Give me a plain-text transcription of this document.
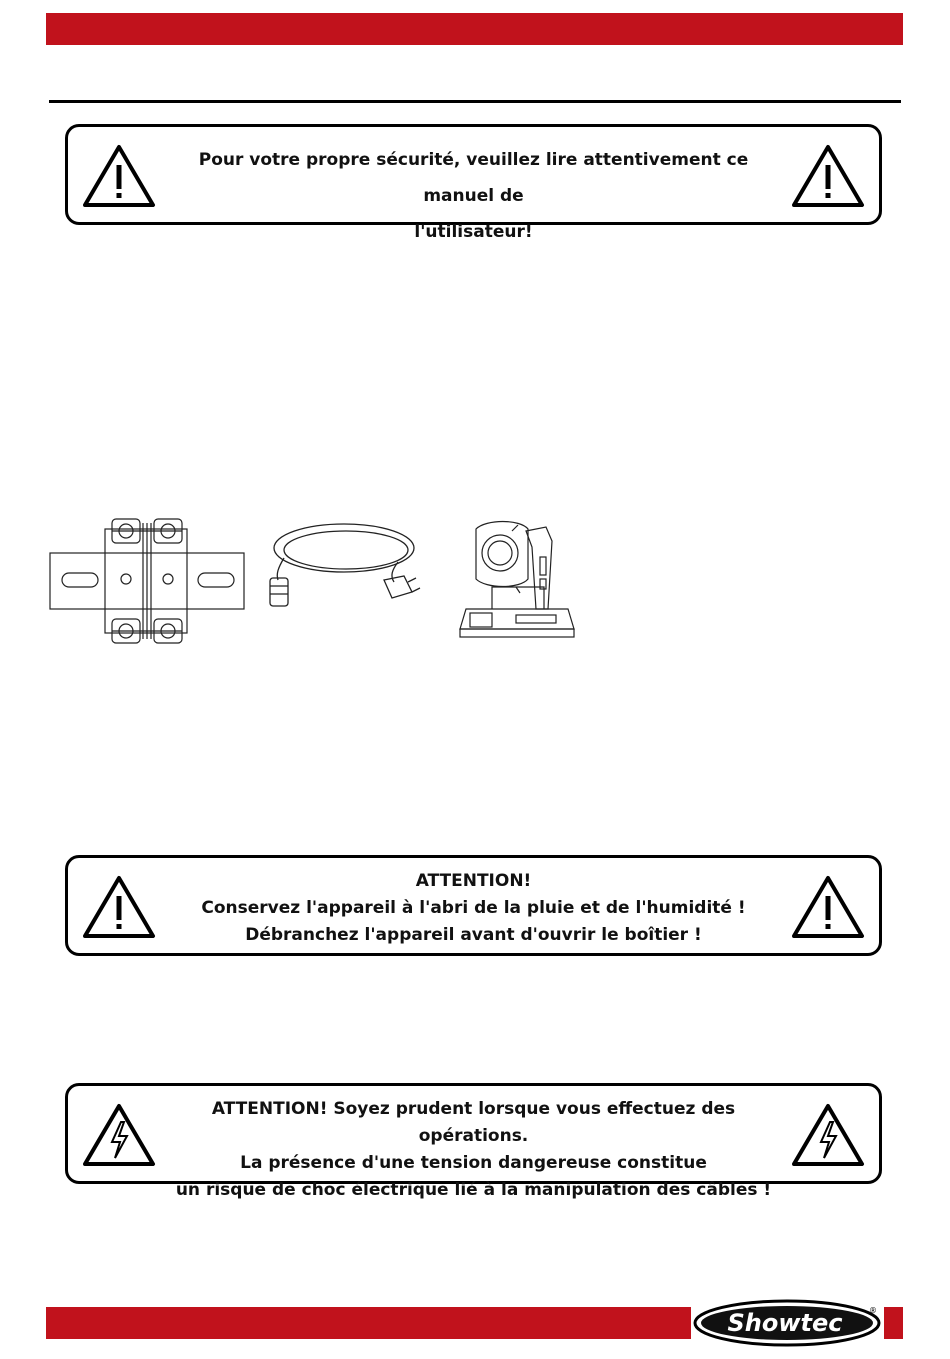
Pour votre propre sécurité, veuillez lire attentivement ce manuel de
l'utilisateur!
ATTENTION!
Conservez l'appareil à l'abri de la pluie et de l'humidité !
Débranchez l'appareil avant d'ouvrir le boîtier !
ATTENTION! Soyez prudent lorsque vous effectuez des opérations.
La présence d'une tension dangereuse constitue
un risque de choc électrique lié à la manipulation des câbles !
Showtec	®
